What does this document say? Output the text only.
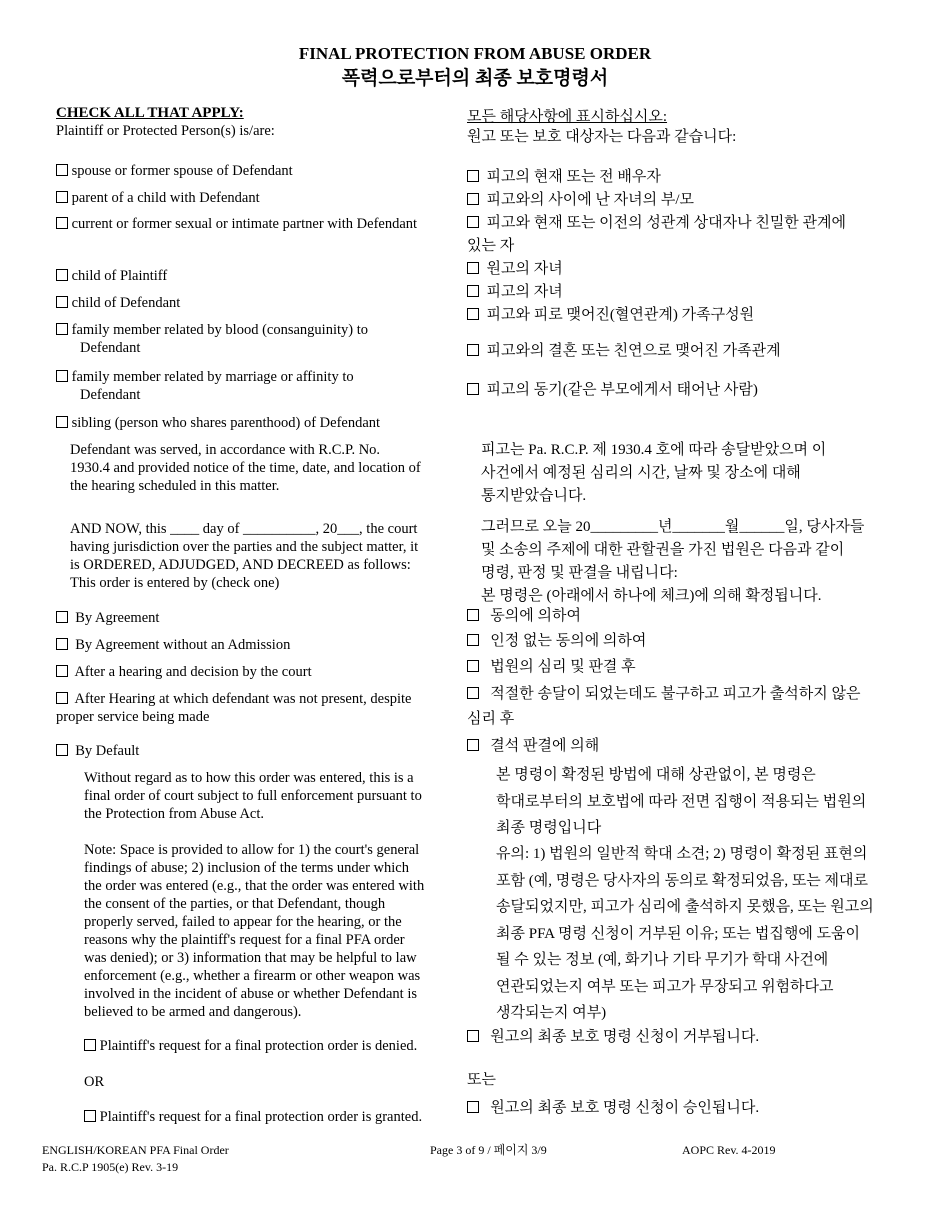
FINAL PROTECTION FROM ABUSE ORDER
폭력으로부터의 최종 보호명령서
CHECK ALL THAT APPLY:
Plaintiff or Protected Person(s) is/are:
spouse or former spouse of Defendant
parent of a child with Defendant
current or former sexual or intimate partner with Defendant
child of Plaintiff
child of Defendant
family member related by blood (consanguinity) to
Defendant
family member related by marriage or affinity to
Defendant
sibling (person who shares parenthood) of Defendant
Defendant was served, in accordance with R.C.P. No.
1930.4 and provided notice of the time, date, and location of
the hearing scheduled in this matter.
AND NOW, this ____ day of __________, 20___, the court
having jurisdiction over the parties and the subject matter, it
is ORDERED, ADJUDGED, AND DECREED as follows:
This order is entered by (check one)
By Agreement
By Agreement without an Admission
After a hearing and decision by the court
After Hearing at which defendant was not present, despite
proper service being made
By Default
Without regard as to how this order was entered, this is a
final order of court subject to full enforcement pursuant to
the Protection from Abuse Act.
Note: Space is provided to allow for 1) the court's general
findings of abuse; 2) inclusion of the terms under which
the order was entered (e.g., that the order was entered with
the consent of the parties, or that Defendant, though
properly served, failed to appear for the hearing, or the
reasons why the plaintiff's request for a final PFA order
was denied); or 3) information that may be helpful to law
enforcement (e.g., whether a firearm or other weapon was
involved in the incident of abuse or whether Defendant is
believed to be armed and dangerous).
Plaintiff's request for a final protection order is denied.
OR
Plaintiff's request for a final protection order is granted.
모든 해당사항에 표시하십시오:
원고 또는 보호 대상자는 다음과 같습니다:
피고의 현재 또는 전 배우자
피고와의 사이에 난 자녀의 부/모
피고와 현재 또는 이전의 성관계 상대자나 친밀한 관계에
있는 자
원고의 자녀
피고의 자녀
피고와 피로 맺어진(혈연관계) 가족구성원
피고와의 결혼 또는 친연으로 맺어진 가족관계
피고의 동기(같은 부모에게서 태어난 사람)
피고는 Pa. R.C.P. 제 1930.4 호에 따라 송달받았으며 이
사건에서 예정된 심리의 시간, 날짜 및 장소에 대해
통지받았습니다.
그러므로 오늘 20_________년_______월______일, 당사자들
및 소송의 주제에 대한 관할권을 가진 법원은 다음과 같이
명령, 판정 및 판결을 내립니다:
본 명령은 (아래에서 하나에 체크)에 의해 확정됩니다.
동의에 의하여
인정 없는 동의에 의하여
법원의 심리 및 판결 후
적절한 송달이 되었는데도 불구하고 피고가 출석하지 않은
심리 후
결석 판결에 의해
본 명령이 확정된 방법에 대해 상관없이, 본 명령은
학대로부터의 보호법에 따라 전면 집행이 적용되는 법원의
최종 명령입니다
유의: 1) 법원의 일반적 학대 소견; 2) 명령이 확정된 표현의
포함 (예, 명령은 당사자의 동의로 확정되었음, 또는 제대로
송달되었지만, 피고가 심리에 출석하지 못했음, 또는 원고의
최종 PFA 명령 신청이 거부된 이유; 또는 법집행에 도움이
될 수 있는 정보 (예, 화기나 기타 무기가 학대 사건에
연관되었는지 여부 또는 피고가 무장되고 위험하다고
생각되는지 여부)
원고의 최종 보호 명령 신청이 거부됩니다.
또는
원고의 최종 보호 명령 신청이 승인됩니다.
ENGLISH/KOREAN PFA Final Order
Pa. R.C.P 1905(e) Rev. 3-19
Page 3 of 9 / 페이지 3/9	AOPC Rev. 4-2019
